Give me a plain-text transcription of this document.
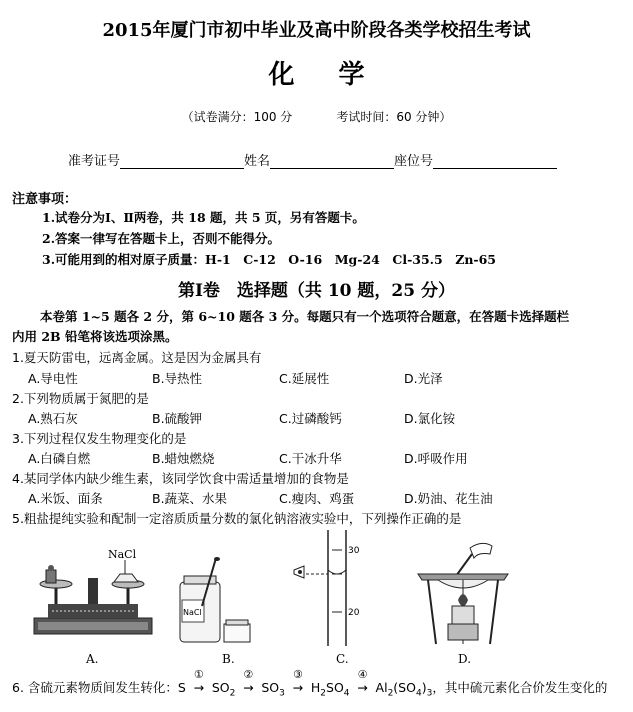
2015年厦门市初中毕业及高中阶段各类学校招生考试
化学
（试卷满分：100 分	考试时间：60 分钟）
准考证号	姓名	座位号
注意事项：
1.试卷分为Ⅰ、Ⅱ两卷，共 18 题，共 5 页，另有答题卡。
2.答案一律写在答题卡上，否则不能得分。
3.可能用到的相对原子质量：H-1　C-12　O-16　Mg-24　Cl-35.5　Zn-65
第Ⅰ卷　选择题（共 10 题，25 分）
本卷第 1~5 题各 2 分，第 6~10 题各 3 分。每题只有一个选项符合题意，在答题卡选择题栏
内用 2B 铅笔将该选项涂黑。
1.夏天防雷电，远离金属。这是因为金属具有
A.导电性	B.导热性	C.延展性	D.光泽
2.下列物质属于氮肥的是
A.熟石灰	B.硫酸钾	C.过磷酸钙	D.氯化铵
3.下列过程仅发生物理变化的是
A.白磷自燃	B.蜡烛燃烧	C.干冰升华	D.呼吸作用
4.某同学体内缺少维生素，该同学饮食中需适量增加的食物是
A.米饭、面条	B.蔬菜、水果	C.瘦肉、鸡蛋	D.奶油、花生油
5.粗盐提纯实验和配制一定溶质质量分数的氯化钠溶液实验中，下列操作正确的是
NaCl
A.
NaCl
B.
30
20
C.	D.
6. 含硫元素物质间发生转化：S
①
→ $SO_2$
②
→ $SO_3$
③
→ $H_2SO_4$
④
→ $Al_2(SO_4)_3$，其中硫元素化合价发生变化的
